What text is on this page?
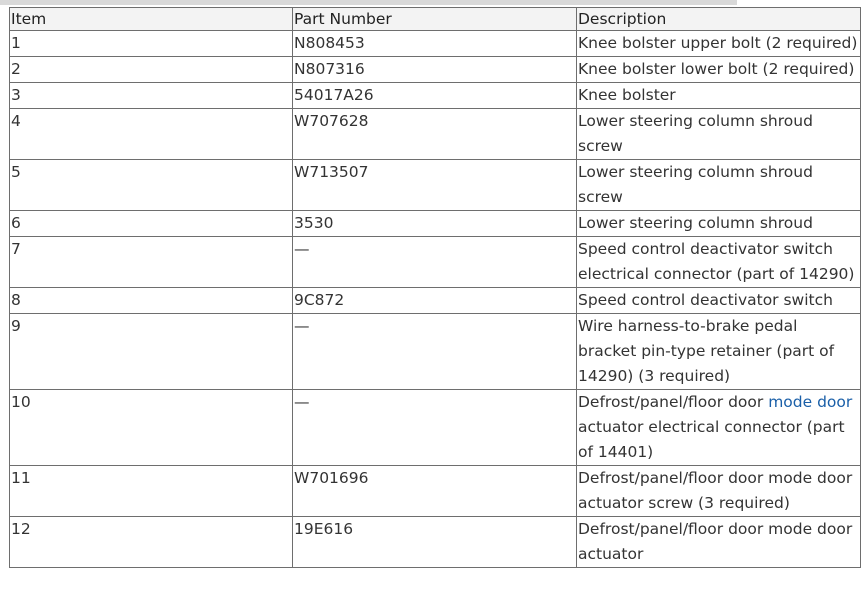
Item	Part Number	Description
1	N808453	Knee bolster upper bolt (2 required)
2	N807316	Knee bolster lower bolt (2 required)
3	54017A26	Knee bolster
4	W707628	Lower steering column shroud screw
5	W713507	Lower steering column shroud screw
6	3530	Lower steering column shroud
7	—	Speed control deactivator switch electrical connector (part of 14290)
8	9C872	Speed control deactivator switch
9	—	Wire harness-to-brake pedal bracket pin-type retainer (part of 14290) (3 required)
10	—	Defrost/panel/floor door mode door actuator electrical connector (part of 14401)
11	W701696	Defrost/panel/floor door mode door actuator screw (3 required)
12	19E616	Defrost/panel/floor door mode door actuator
